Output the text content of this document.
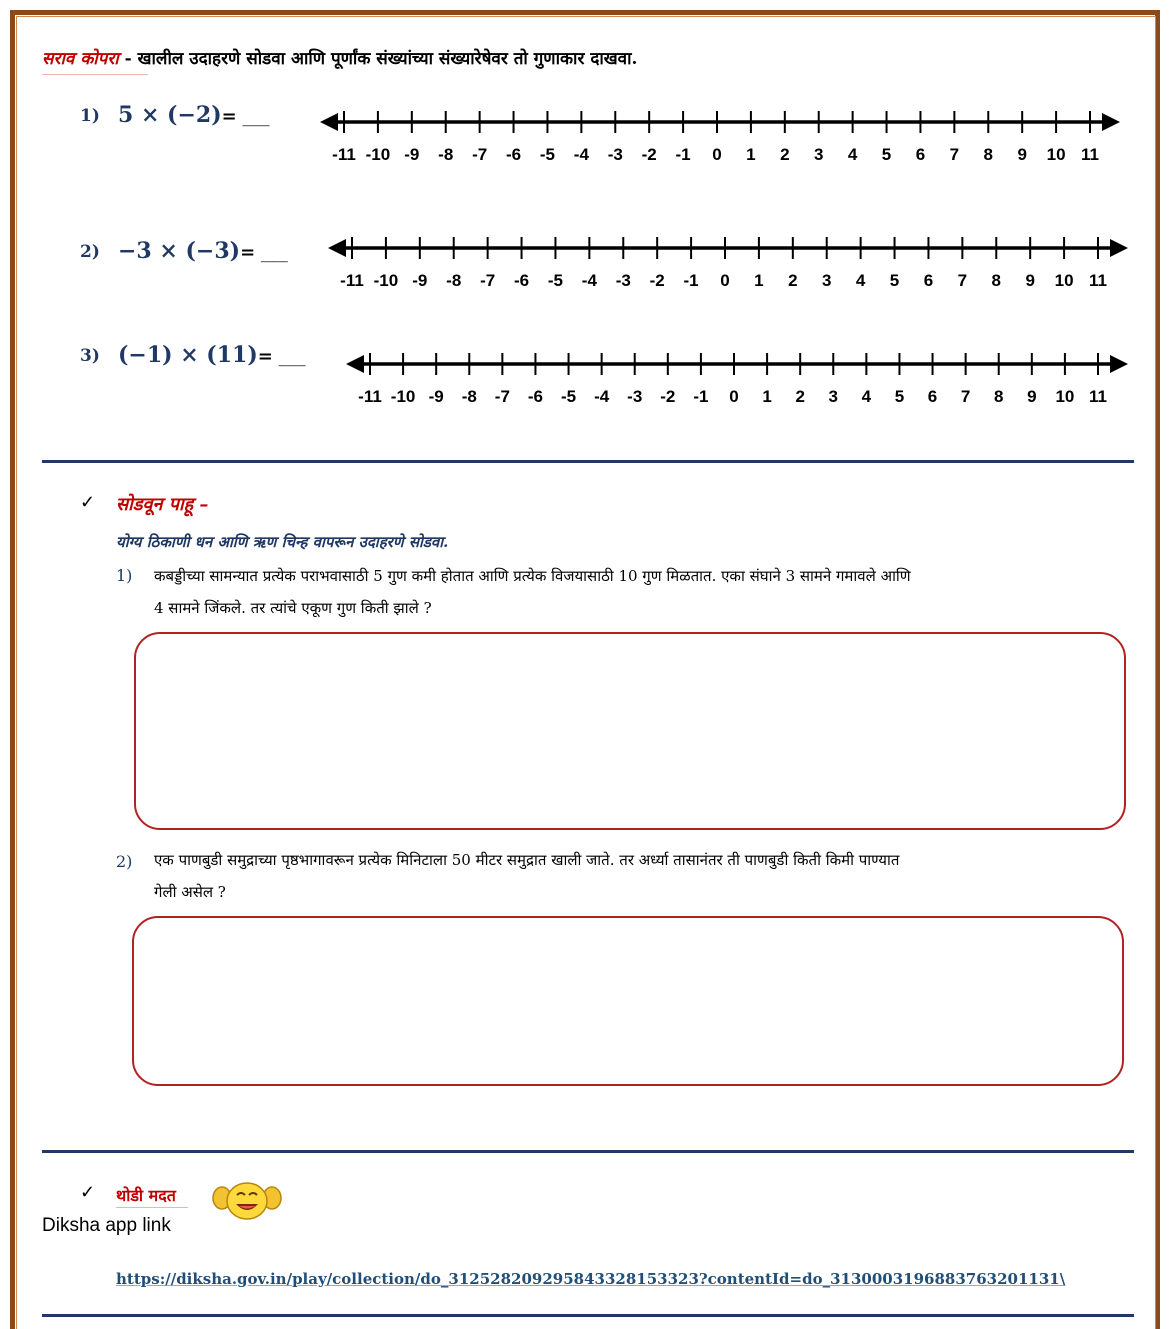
सराव कोपरा - खालील उदाहरणे सोडवा आणि पूर्णांक संख्यांच्या संख्यारेषेवर तो गुणाकार दाखवा.
1) 5 × (−2)= ___
-11 -10 -9 -8 -7 -6 -5 -4 -3 -2 -1 0 1 2 3 4 5 6 7 8 9 10 11
2) −3 × (−3)= ___
-11 -10 -9 -8 -7 -6 -5 -4 -3 -2 -1 0 1 2 3 4 5 6 7 8 9 10 11
3) (−1) × (11)= ___
-11 -10 -9 -8 -7 -6 -5 -4 -3 -2 -1 0 1 2 3 4 5 6 7 8 9 10 11
✓ सोडवून पाहू –
योग्य ठिकाणी धन आणि ऋण चिन्ह वापरून उदाहरणे सोडवा.
1) कबड्डीच्या सामन्यात प्रत्येक पराभवासाठी 5 गुण कमी होतात आणि प्रत्येक विजयासाठी 10 गुण मिळतात. एका संघाने 3 सामने गमावले आणि
4 सामने जिंकले. तर त्यांचे एकूण गुण किती झाले ?
2) एक पाणबुडी समुद्राच्या पृष्ठभागावरून प्रत्येक मिनिटाला 50 मीटर समुद्रात खाली जाते. तर अर्ध्या तासानंतर ती पाणबुडी किती किमी पाण्यात
गेली असेल ?
✓ थोडी मदत
Diksha app link
https://diksha.gov.in/play/collection/do_3125282092958433281533​23?contentId=do_3130003196883763201131\
